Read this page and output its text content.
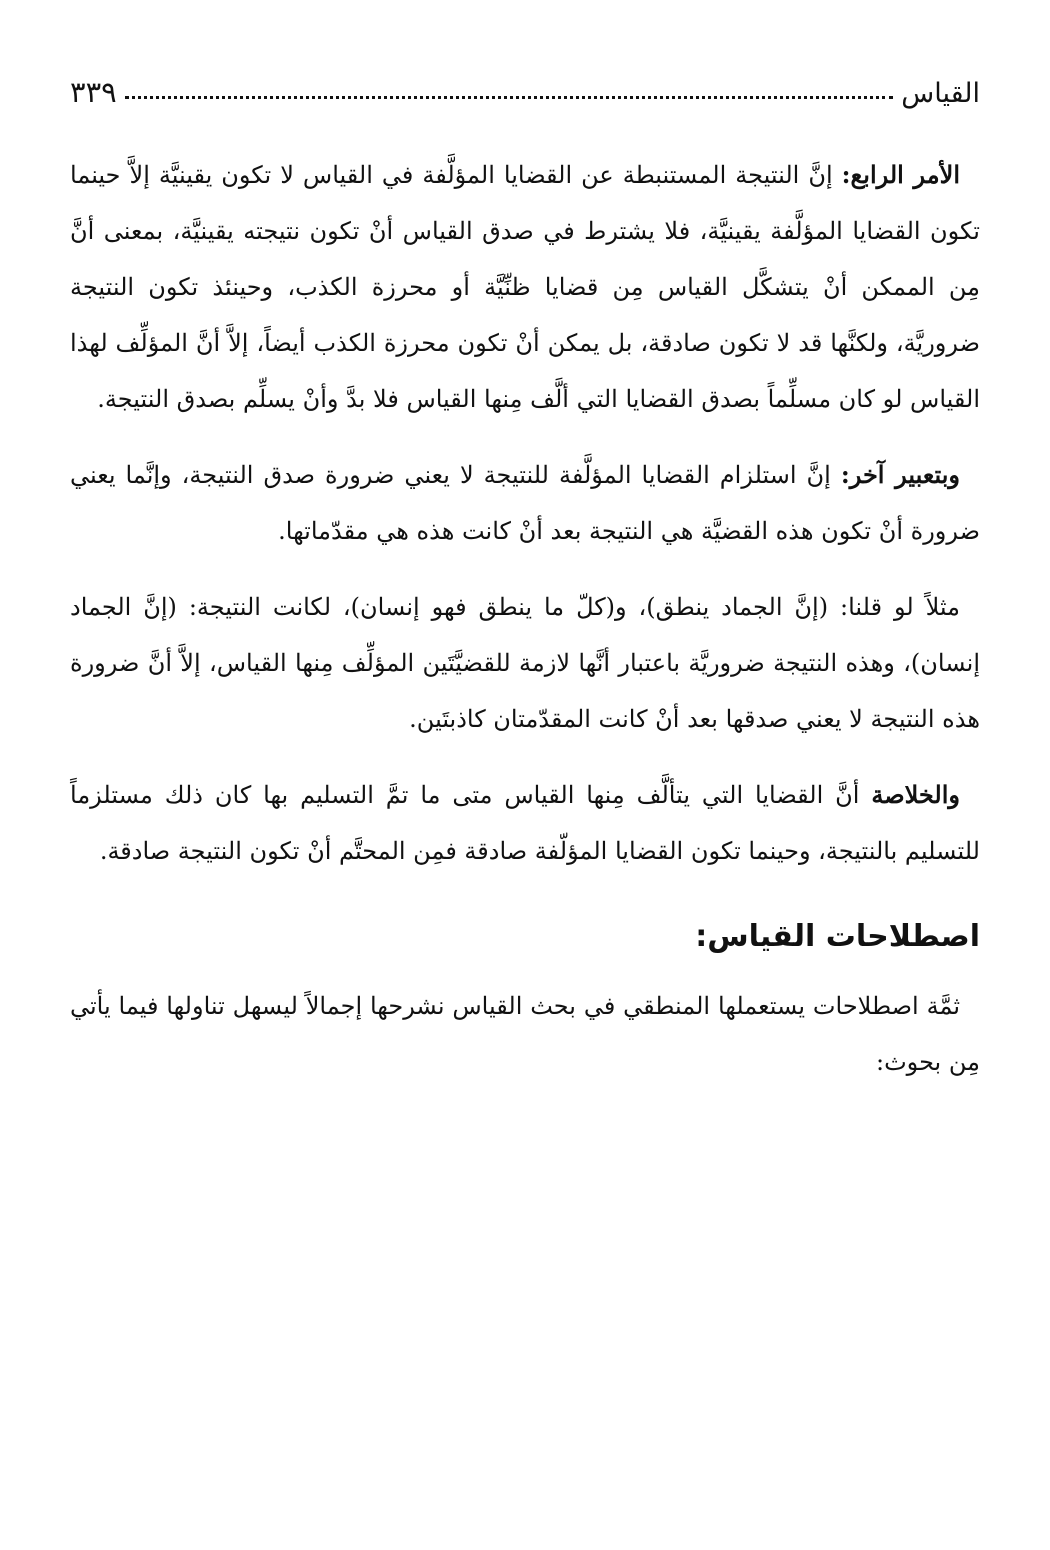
القياس
٣٣٩

الأمر الرابع: إنَّ النتيجة المستنبطة عن القضايا المؤلَّفة في القياس لا تكون يقينيَّة إلاَّ حينما تكون القضايا المؤلَّفة يقينيَّة، فلا يشترط في صدق القياس أنْ تكون نتيجته يقينيَّة، بمعنى أنَّ مِن الممكن أنْ يتشكَّل القياس مِن قضايا ظنِّيَّة أو محرزة الكذب، وحينئذ تكون النتيجة ضروريَّة، ولكنَّها قد لا تكون صادقة، بل يمكن أنْ تكون محرزة الكذب أيضاً، إلاَّ أنَّ المؤلِّف لهذا القياس لو كان مسلِّماً بصدق القضايا التي ألَّف مِنها القياس فلا بدَّ وأنْ يسلِّم بصدق النتيجة.

وبتعبير آخر: إنَّ استلزام القضايا المؤلَّفة للنتيجة لا يعني ضرورة صدق النتيجة، وإنَّما يعني ضرورة أنْ تكون هذه القضيَّة هي النتيجة بعد أنْ كانت هذه هي مقدّماتها.

مثلاً لو قلنا: (إنَّ الجماد ينطق)، و(كلّ ما ينطق فهو إنسان)، لكانت النتيجة: (إنَّ الجماد إنسان)، وهذه النتيجة ضروريَّة باعتبار أنَّها لازمة للقضيَّتَين المؤلِّف مِنها القياس، إلاَّ أنَّ ضرورة هذه النتيجة لا يعني صدقها بعد أنْ كانت المقدّمتان كاذبتَين.

والخلاصة أنَّ القضايا التي يتألَّف مِنها القياس متى ما تمَّ التسليم بها كان ذلك مستلزماً للتسليم بالنتيجة، وحينما تكون القضايا المؤلّفة صادقة فمِن المحتَّم أنْ تكون النتيجة صادقة.

اصطلاحات القياس:

ثمَّة اصطلاحات يستعملها المنطقي في بحث القياس نشرحها إجمالاً ليسهل تناولها فيما يأتي مِن بحوث:
